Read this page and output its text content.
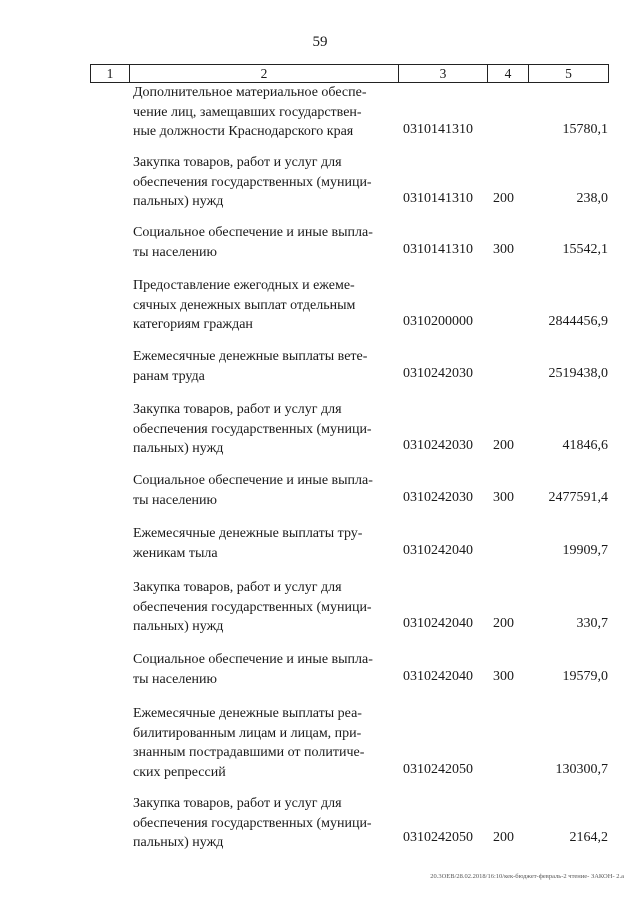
59
1	2	3	4	5
Дополнительное материальное обеспе-
чение лиц, замещавших государствен-
ные должности Краснодарского края	0310141310	15780,1
Закупка товаров, работ и услуг для
обеспечения государственных (муници-
пальных) нужд	0310141310 200	238,0
Социальное обеспечение и иные выпла-
ты населению	0310141310 300	15542,1
Предоставление ежегодных и ежеме-
сячных денежных выплат отдельным
категориям граждан	0310200000	2844456,9
Ежемесячные денежные выплаты вете-
ранам труда	0310242030	2519438,0
Закупка товаров, работ и услуг для
обеспечения государственных (муници-
пальных) нужд	0310242030 200	41846,6
Социальное обеспечение и иные выпла-
ты населению	0310242030 300 2477591,4
Ежемесячные денежные выплаты тру-
женикам тыла	0310242040	19909,7
Закупка товаров, работ и услуг для
обеспечения государственных (муници-
пальных) нужд	0310242040 200	330,7
Социальное обеспечение и иные выпла-
ты населению	0310242040 300	19579,0
Ежемесячные денежные выплаты реа-
билитированным лицам и лицам, при-
знанным пострадавшими от политиче-
ских репрессий	0310242050	130300,7
Закупка товаров, работ и услуг для
обеспечения государственных (муници-
пальных) нужд	0310242050 200	2164,2
20.3ОЕВ/28.02.2018/16:10/кек-бюджет-февраль-2 чтение- ЗАКОН- 2.а
